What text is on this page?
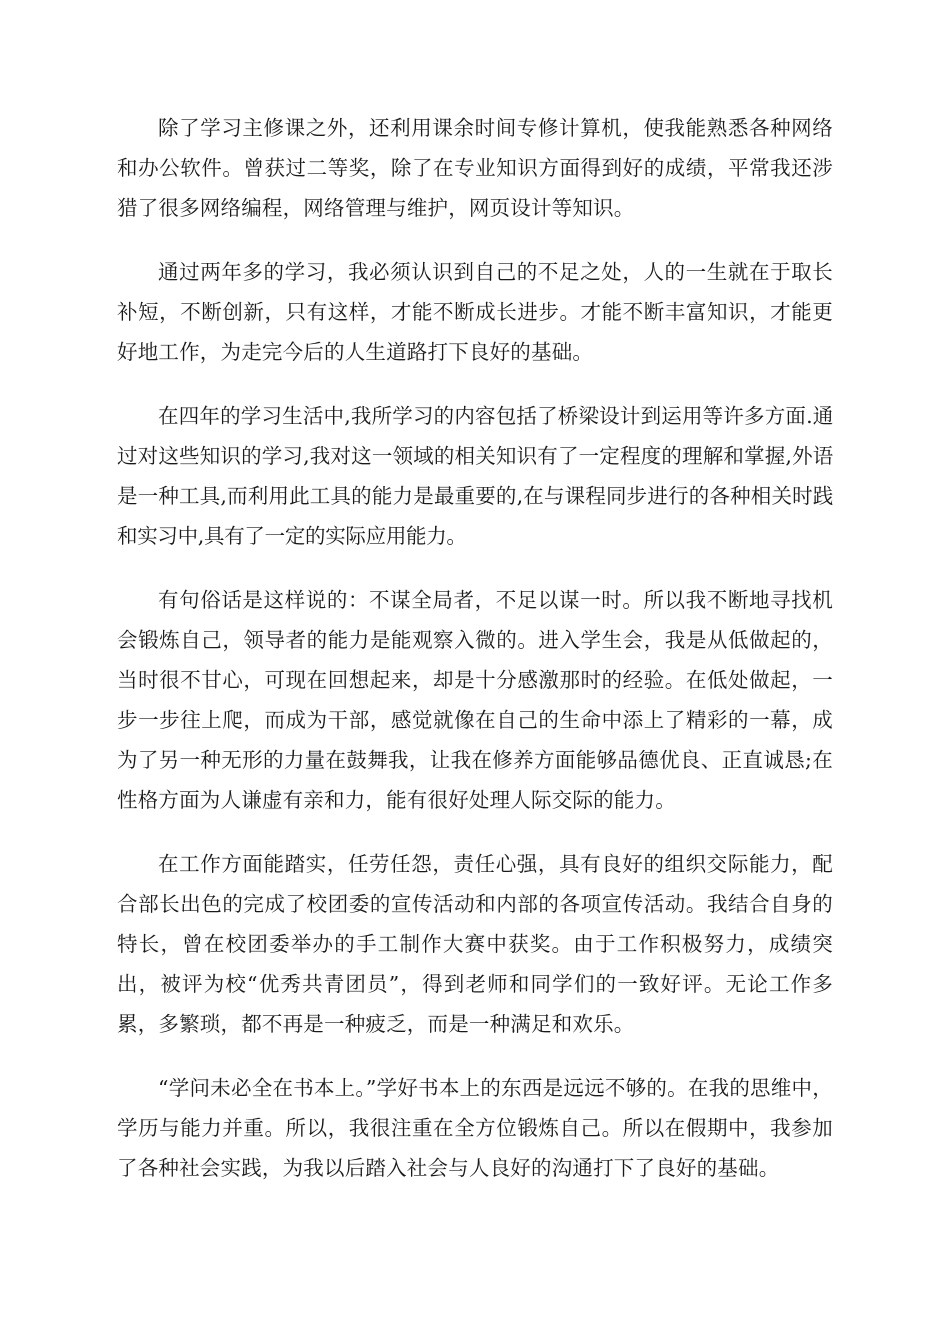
除了学习主修课之外，还利用课余时间专修计算机，使我能熟悉各种网络和办公软件。曾获过二等奖，除了在专业知识方面得到好的成绩，平常我还涉猎了很多网络编程，网络管理与维护，网页设计等知识。

通过两年多的学习，我必须认识到自己的不足之处，人的一生就在于取长补短，不断创新，只有这样，才能不断成长进步。才能不断丰富知识，才能更好地工作，为走完今后的人生道路打下良好的基础。

在四年的学习生活中,我所学习的内容包括了桥梁设计到运用等许多方面.通过对这些知识的学习,我对这一领域的相关知识有了一定程度的理解和掌握,外语是一种工具,而利用此工具的能力是最重要的,在与课程同步进行的各种相关时践和实习中,具有了一定的实际应用能力。

有句俗话是这样说的：不谋全局者，不足以谋一时。所以我不断地寻找机会锻炼自己，领导者的能力是能观察入微的。进入学生会，我是从低做起的，当时很不甘心，可现在回想起来，却是十分感激那时的经验。在低处做起，一步一步往上爬，而成为干部，感觉就像在自己的生命中添上了精彩的一幕，成为了另一种无形的力量在鼓舞我，让我在修养方面能够品德优良、正直诚恳;在性格方面为人谦虚有亲和力，能有很好处理人际交际的能力。

在工作方面能踏实，任劳任怨，责任心强，具有良好的组织交际能力，配合部长出色的完成了校团委的宣传活动和内部的各项宣传活动。我结合自身的特长，曾在校团委举办的手工制作大赛中获奖。由于工作积极努力，成绩突出，被评为校“优秀共青团员”，得到老师和同学们的一致好评。无论工作多累，多繁琐，都不再是一种疲乏，而是一种满足和欢乐。

“学问未必全在书本上。”学好书本上的东西是远远不够的。在我的思维中，学历与能力并重。所以，我很注重在全方位锻炼自己。所以在假期中，我参加了各种社会实践，为我以后踏入社会与人良好的沟通打下了良好的基础。
